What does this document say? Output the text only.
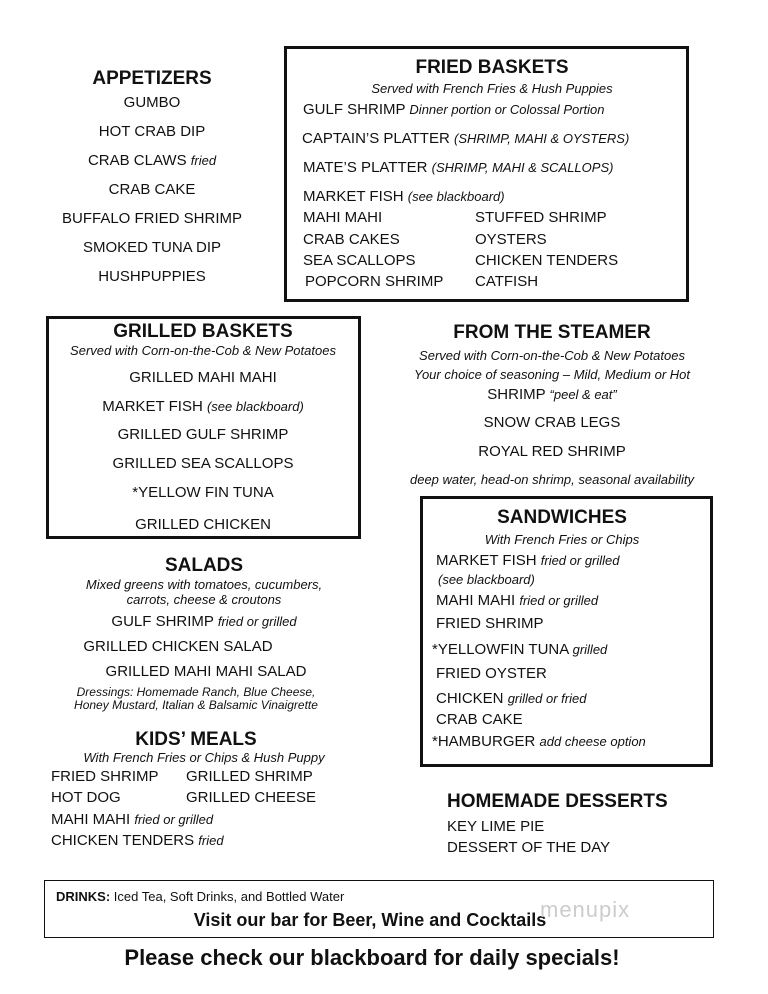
APPETIZERS
GUMBO
HOT CRAB DIP
CRAB CLAWS fried
CRAB CAKE
BUFFALO FRIED SHRIMP
SMOKED TUNA DIP
HUSHPUPPIES
FRIED BASKETS
Served with French Fries & Hush Puppies
GULF SHRIMP Dinner portion or Colossal Portion
CAPTAIN’S PLATTER (SHRIMP, MAHI & OYSTERS)
MATE’S PLATTER (SHRIMP, MAHI & SCALLOPS)
MARKET FISH (see blackboard)
MAHI MAHI
CRAB CAKES
SEA SCALLOPS
POPCORN SHRIMP
STUFFED SHRIMP
OYSTERS
CHICKEN TENDERS
CATFISH
GRILLED BASKETS
Served with Corn-on-the-Cob & New Potatoes
GRILLED MAHI MAHI
MARKET FISH (see blackboard)
GRILLED GULF SHRIMP
GRILLED SEA SCALLOPS
*YELLOW FIN TUNA
GRILLED CHICKEN
FROM THE STEAMER
Served with Corn-on-the-Cob & New Potatoes
Your choice of seasoning – Mild, Medium or Hot
SHRIMP “peel & eat”
SNOW CRAB LEGS
ROYAL RED SHRIMP
deep water, head-on shrimp, seasonal availability
SANDWICHES
With French Fries or Chips
MARKET FISH fried or grilled
(see blackboard)
MAHI MAHI fried or grilled
FRIED SHRIMP
*YELLOWFIN TUNA grilled
FRIED OYSTER
CHICKEN grilled or fried
CRAB CAKE
*HAMBURGER add cheese option
SALADS
Mixed greens with tomatoes, cucumbers,
carrots, cheese & croutons
GULF SHRIMP fried or grilled
GRILLED CHICKEN SALAD
GRILLED MAHI MAHI SALAD
Dressings: Homemade Ranch, Blue Cheese,
Honey Mustard, Italian & Balsamic Vinaigrette
KIDS’ MEALS
With French Fries or Chips & Hush Puppy
FRIED SHRIMP GRILLED SHRIMP
HOT DOG	GRILLED CHEESE
MAHI MAHI fried or grilled
CHICKEN TENDERS fried
HOMEMADE DESSERTS
KEY LIME PIE
DESSERT OF THE DAY
DRINKS: Iced Tea, Soft Drinks, and Bottled Water
Visit our bar for Beer, Wine and Cocktails
menupix
Please check our blackboard for daily specials!
